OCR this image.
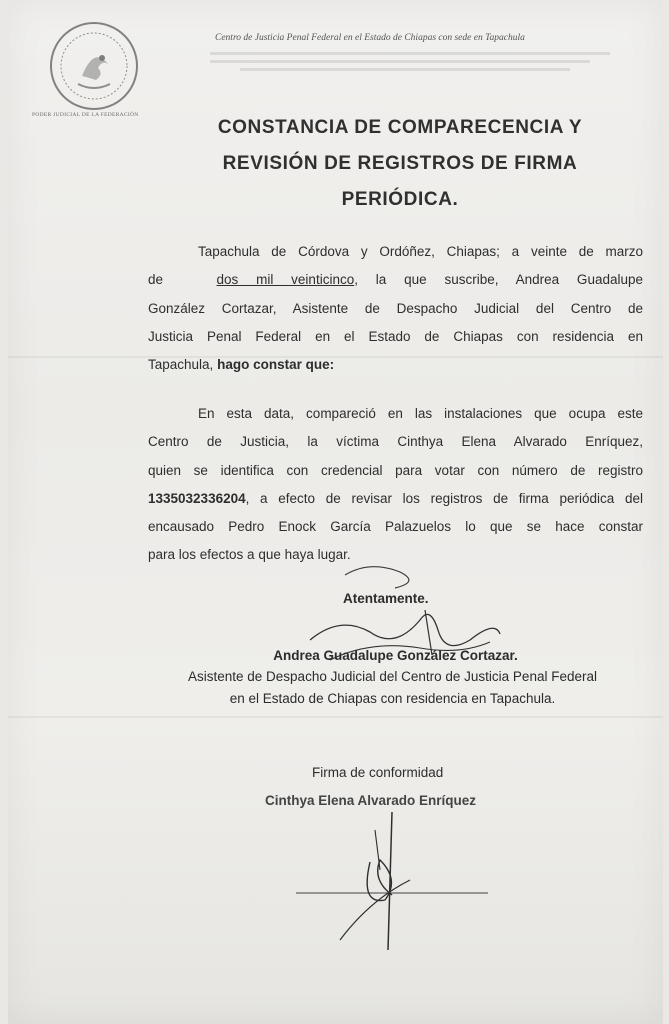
PODER JUDICIAL DE LA FEDERACIÓN
Centro de Justicia Penal Federal en el Estado de Chiapas con sede en Tapachula
CONSTANCIA DE COMPARECENCIA Y
REVISIÓN DE REGISTROS DE FIRMA
PERIÓDICA.
Tapachula de Córdova y Ordóñez, Chiapas; a veinte de marzo
de	dos mil veinticinco, la que suscribe, Andrea Guadalupe
González Cortazar, Asistente de Despacho Judicial del Centro de
Justicia Penal Federal en el Estado de Chiapas con residencia en
Tapachula, hago constar que:
En esta data, compareció en las instalaciones que ocupa este
Centro de Justicia, la víctima Cinthya Elena Alvarado Enríquez,
quien se identifica con credencial para votar con número de registro
1335032336204, a efecto de revisar los registros de firma periódica del
encausado Pedro Enock García Palazuelos lo que se hace constar
para los efectos a que haya lugar.
Atentamente.
Andrea Guadalupe González Cortazar.
Asistente de Despacho Judicial del Centro de Justicia Penal Federal
en el Estado de Chiapas con residencia en Tapachula.
Firma de conformidad
Cinthya Elena Alvarado Enríquez
